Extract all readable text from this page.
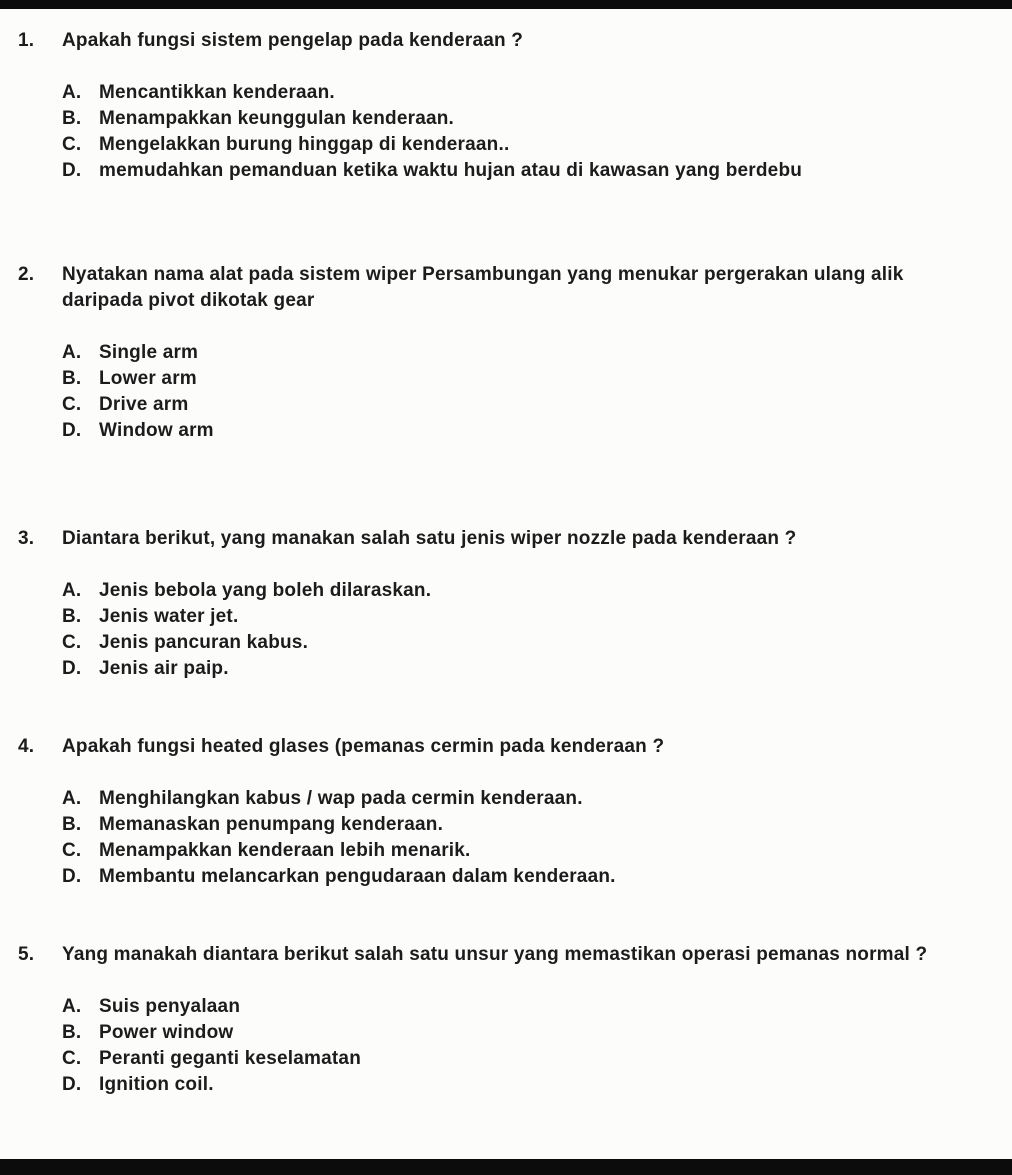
1.	Apakah fungsi sistem pengelap pada kenderaan ?
A. Mencantikkan kenderaan.
B. Menampakkan keunggulan kenderaan.
C. Mengelakkan burung hinggap di kenderaan..
D. memudahkan pemanduan ketika waktu hujan atau di kawasan yang berdebu
2.	Nyatakan nama alat pada sistem wiper Persambungan yang menukar pergerakan ulang alik daripada pivot dikotak gear
A. Single arm
B. Lower arm
C. Drive arm
D. Window arm
3.	Diantara berikut, yang manakan salah satu jenis wiper nozzle pada kenderaan ?
A. Jenis bebola yang boleh dilaraskan.
B. Jenis water jet.
C. Jenis pancuran kabus.
D. Jenis air paip.
4.	Apakah fungsi heated glases (pemanas cermin pada kenderaan ?
A. Menghilangkan kabus / wap pada cermin kenderaan.
B. Memanaskan penumpang kenderaan.
C. Menampakkan kenderaan lebih menarik.
D. Membantu melancarkan pengudaraan dalam kenderaan.
5.	Yang manakah diantara berikut salah satu unsur yang memastikan operasi pemanas normal ?
A. Suis penyalaan
B. Power window
C. Peranti geganti keselamatan
D. Ignition coil.
